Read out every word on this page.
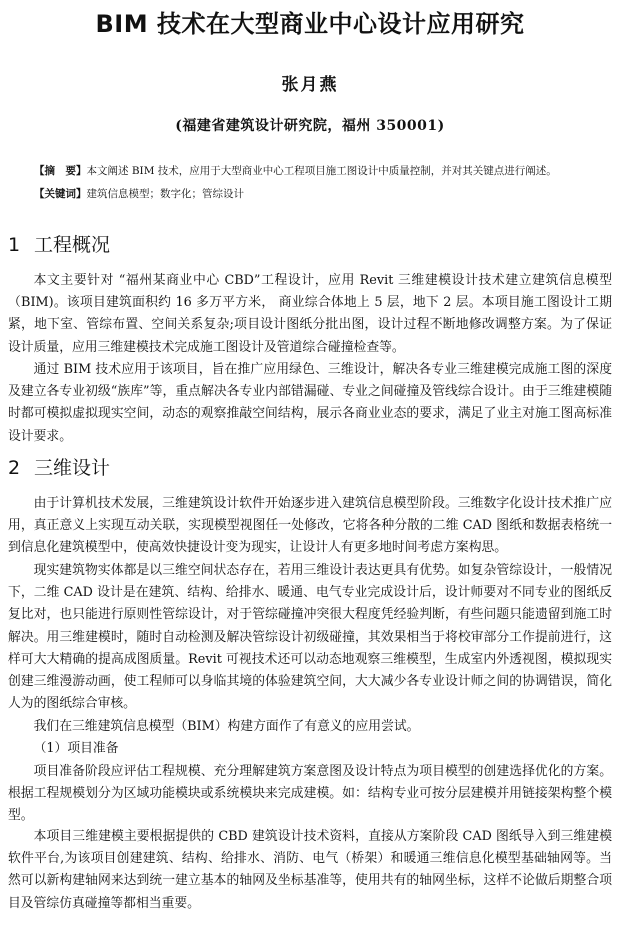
BIM 技术在大型商业中心设计应用研究
张月燕
(福建省建筑设计研究院，福州 350001)
【摘　要】本文阐述 BIM 技术，应用于大型商业中心工程项目施工图设计中质量控制，并对其关键点进行阐述。
【关键词】建筑信息模型；数字化；管综设计
1 工程概况

本文主要针对 “福州某商业中心 CBD”工程设计，应用 Revit 三维建模设计技术建立建筑信息模型（BIM)。该项目建筑面积约 16 多万平方米， 商业综合体地上 5 层，地下 2 层。本项目施工图设计工期紧，地下室、管综布置、空间关系复杂;项目设计图纸分批出图，设计过程不断地修改调整方案。为了保证设计质量，应用三维建模技术完成施工图设计及管道综合碰撞检查等。

通过 BIM 技术应用于该项目，旨在推广应用绿色、三维设计，解决各专业三维建模完成施工图的深度及建立各专业初级“族库”等，重点解决各专业内部错漏碰、专业之间碰撞及管线综合设计。由于三维建模随时都可模拟虚拟现实空间，动态的观察推敲空间结构，展示各商业业态的要求，满足了业主对施工图高标准设计要求。

2 三维设计

由于计算机技术发展，三维建筑设计软件开始逐步进入建筑信息模型阶段。三维数字化设计技术推广应用，真正意义上实现互动关联，实现模型视图任一处修改，它将各种分散的二维 CAD 图纸和数据表格统一到信息化建筑模型中，使高效快捷设计变为现实，让设计人有更多地时间考虑方案构思。

现实建筑物实体都是以三维空间状态存在，若用三维设计表达更具有优势。如复杂管综设计，一般情况下，二维 CAD 设计是在建筑、结构、给排水、暖通、电气专业完成设计后，设计师要对不同专业的图纸反复比对，也只能进行原则性管综设计，对于管综碰撞冲突很大程度凭经验判断，有些问题只能遗留到施工时解决。用三维建模时，随时自动检测及解决管综设计初级碰撞，其效果相当于将校审部分工作提前进行，这样可大大精确的提高成图质量。Revit 可视技术还可以动态地观察三维模型，生成室内外透视图，模拟现实创建三维漫游动画，使工程师可以身临其境的体验建筑空间，大大减少各专业设计师之间的协调错误，简化人为的图纸综合审核。

我们在三维建筑信息模型（BIM）构建方面作了有意义的应用尝试。

（1）项目准备

项目准备阶段应评估工程规模、充分理解建筑方案意图及设计特点为项目模型的创建选择优化的方案。根据工程规模划分为区域功能模块或系统模块来完成建模。如：结构专业可按分层建模并用链接架构整个模型。

本项目三维建模主要根据提供的 CBD 建筑设计技术资料，直接从方案阶段 CAD 图纸导入到三维建模软件平台,为该项目创建建筑、结构、给排水、消防、电气（桥架）和暖通三维信息化模型基础轴网等。当然可以新构建轴网来达到统一建立基本的轴网及坐标基准等，使用共有的轴网坐标，这样不论做后期整合项目及管综仿真碰撞等都相当重要。
